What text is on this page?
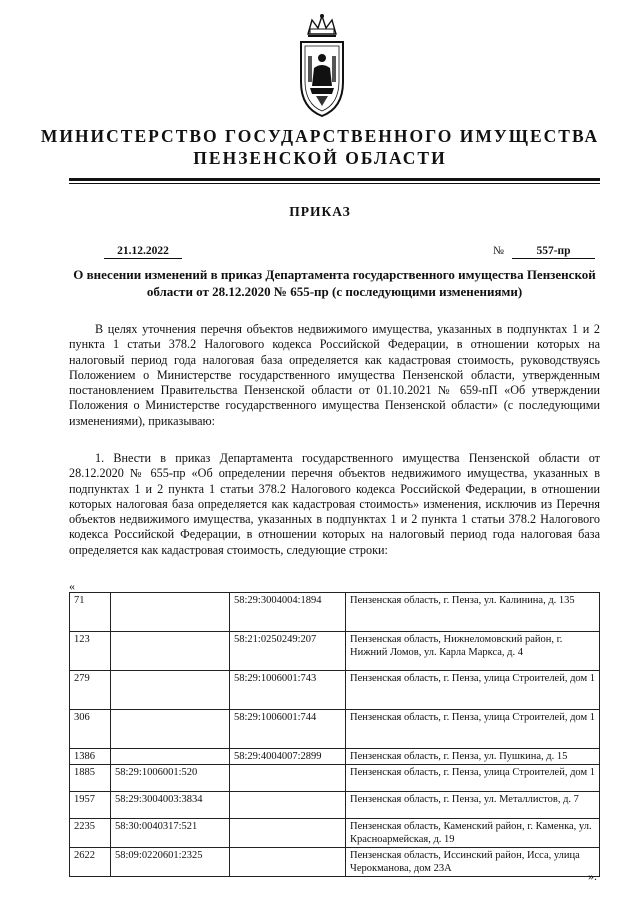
МИНИСТЕРСТВО ГОСУДАРСТВЕННОГО ИМУЩЕСТВА
ПЕНЗЕНСКОЙ ОБЛАСТИ
ПРИКАЗ
21.12.2022	№	557-пр
О внесении изменений в приказ Департамента государственного имущества Пензенской области от 28.12.2020 № 655-пр (с последующими изменениями)
В целях уточнения перечня объектов недвижимого имущества, указанных в подпунктах 1 и 2 пункта 1 статьи 378.2 Налогового кодекса Российской Федерации, в отношении которых на налоговый период года налоговая база определяется как кадастровая стоимость, руководствуясь Положением о Министерстве государственного имущества Пензенской области, утвержденным постановлением Правительства Пензенской области от 01.10.2021 № 659-пП «Об утверждении Положения о Министерстве государственного имущества Пензенской области» (с последующими изменениями), приказываю:
1. Внести в приказ Департамента государственного имущества Пензенской области от 28.12.2020 № 655-пр «Об определении перечня объектов недвижимого имущества, указанных в подпунктах 1 и 2 пункта 1 статьи 378.2 Налогового кодекса Российской Федерации, в отношении которых налоговая база определяется как кадастровая стоимость» изменения, исключив из Перечня объектов недвижимого имущества, указанных в подпунктах 1 и 2 пункта 1 статьи 378.2 Налогового кодекса Российской Федерации, в отношении которых на налоговый период года налоговая база определяется как кадастровая стоимость, следующие строки:
«
71		58:29:3004004:1894	Пензенская область, г. Пенза, ул. Калинина, д. 135
123		58:21:0250249:207	Пензенская область, Нижнеломовский район, г. Нижний Ломов, ул. Карла Маркса, д. 4
279		58:29:1006001:743	Пензенская область, г. Пенза, улица Строителей, дом 1
306		58:29:1006001:744	Пензенская область, г. Пенза, улица Строителей, дом 1
1386		58:29:4004007:2899	Пензенская область, г. Пенза, ул. Пушкина, д. 15
1885	58:29:1006001:520		Пензенская область, г. Пенза, улица Строителей, дом 1
1957	58:29:3004003:3834		Пензенская область, г. Пенза, ул. Металлистов, д. 7
2235	58:30:0040317:521		Пензенская область, Каменский район, г. Каменка, ул. Красноармейская, д. 19
2622	58:09:0220601:2325		Пензенская область, Иссинский район, Исса, улица Черокманова, дом 23А
».
